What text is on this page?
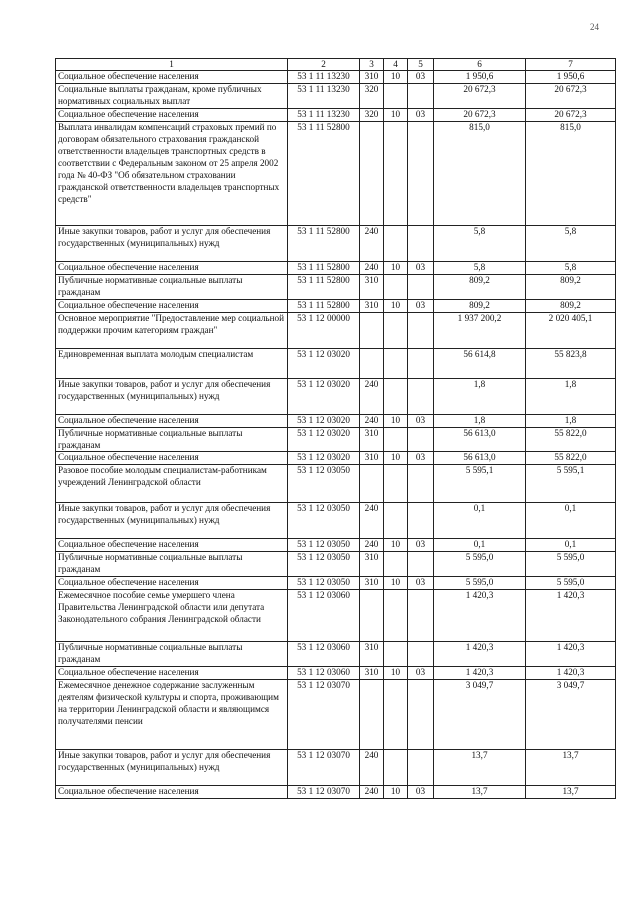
24
1	2	3	4	5	6	7
Социальное обеспечение населения	53 1 11 13230	310	10	03	1 950,6	1 950,6
Социальные выплаты гражданам, кроме публичных нормативных социальных выплат	53 1 11 13230	320			20 672,3	20 672,3
Социальное обеспечение населения	53 1 11 13230	320	10	03	20 672,3	20 672,3
Выплата инвалидам компенсаций страховых премий по договорам обязательного страхования гражданской ответственности владельцев транспортных средств в соответствии с Федеральным законом от 25 апреля 2002 года № 40-ФЗ "Об обязательном страховании гражданской ответственности владельцев транспортных средств"	53 1 11 52800				815,0	815,0
Иные закупки товаров, работ и услуг для обеспечения государственных (муниципальных) нужд	53 1 11 52800	240			5,8	5,8
Социальное обеспечение населения	53 1 11 52800	240	10	03	5,8	5,8
Публичные нормативные социальные выплаты гражданам	53 1 11 52800	310			809,2	809,2
Социальное обеспечение населения	53 1 11 52800	310	10	03	809,2	809,2
Основное мероприятие "Предоставление мер социальной поддержки прочим категориям граждан"	53 1 12 00000				1 937 200,2	2 020 405,1
Единовременная выплата молодым специалистам	53 1 12 03020				56 614,8	55 823,8
Иные закупки товаров, работ и услуг для обеспечения государственных (муниципальных) нужд	53 1 12 03020	240			1,8	1,8
Социальное обеспечение населения	53 1 12 03020	240	10	03	1,8	1,8
Публичные нормативные социальные выплаты гражданам	53 1 12 03020	310			56 613,0	55 822,0
Социальное обеспечение населения	53 1 12 03020	310	10	03	56 613,0	55 822,0
Разовое пособие молодым специалистам-работникам учреждений Ленинградской области	53 1 12 03050				5 595,1	5 595,1
Иные закупки товаров, работ и услуг для обеспечения государственных (муниципальных) нужд	53 1 12 03050	240			0,1	0,1
Социальное обеспечение населения	53 1 12 03050	240	10	03	0,1	0,1
Публичные нормативные социальные выплаты гражданам	53 1 12 03050	310			5 595,0	5 595,0
Социальное обеспечение населения	53 1 12 03050	310	10	03	5 595,0	5 595,0
Ежемесячное пособие семье умершего члена Правительства Ленинградской области или депутата Законодательного собрания Ленинградской области	53 1 12 03060				1 420,3	1 420,3
Публичные нормативные социальные выплаты гражданам	53 1 12 03060	310			1 420,3	1 420,3
Социальное обеспечение населения	53 1 12 03060	310	10	03	1 420,3	1 420,3
Ежемесячное денежное содержание заслуженным деятелям физической культуры и спорта, проживающим на территории Ленинградской области и являющимся получателями пенсии	53 1 12 03070				3 049,7	3 049,7
Иные закупки товаров, работ и услуг для обеспечения государственных (муниципальных) нужд	53 1 12 03070	240			13,7	13,7
Социальное обеспечение населения	53 1 12 03070	240	10	03	13,7	13,7
